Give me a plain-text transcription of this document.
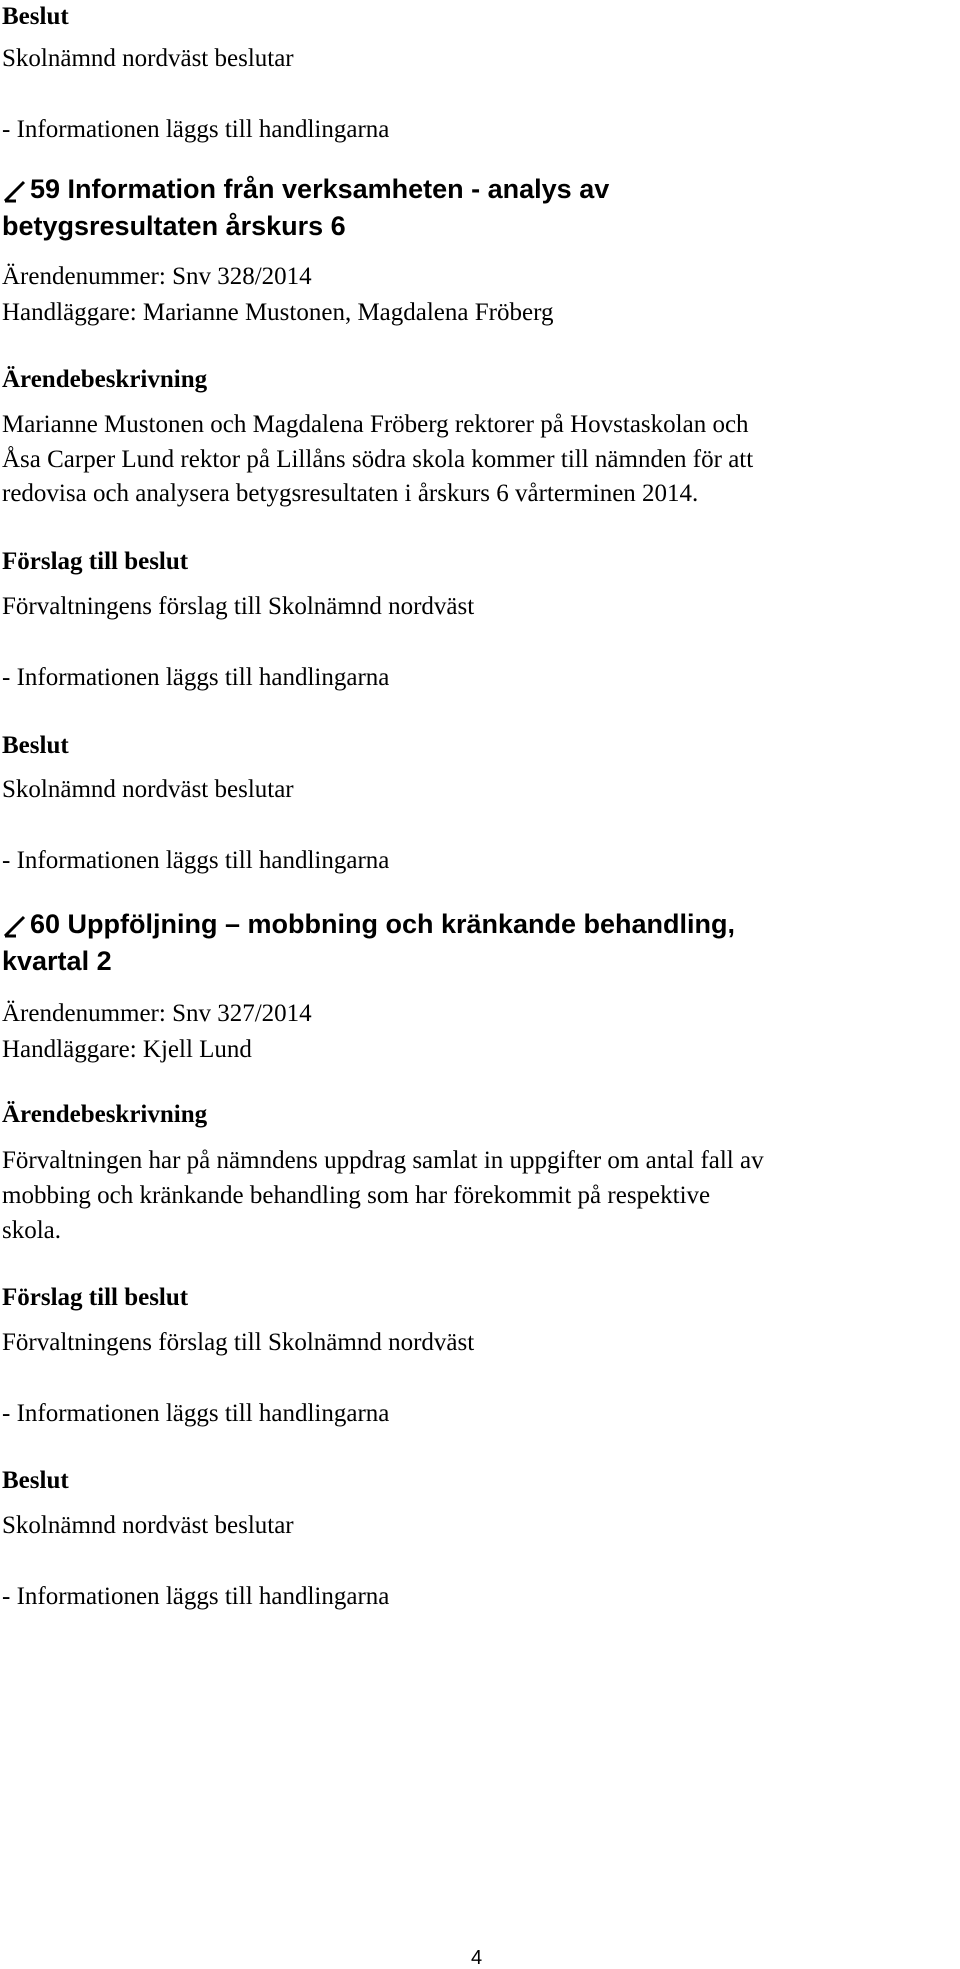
Beslut

Skolnämnd nordväst beslutar

- Informationen läggs till handlingarna

59 Information från verksamheten - analys av

betygsresultaten årskurs 6

Ärendenummer: Snv 328/2014

Handläggare: Marianne Mustonen, Magdalena Fröberg

Ärendebeskrivning

Marianne Mustonen och Magdalena Fröberg rektorer på Hovstaskolan och

Åsa Carper Lund rektor på Lillåns södra skola kommer till nämnden för att

redovisa och analysera betygsresultaten i årskurs 6 vårterminen 2014.

Förslag till beslut

Förvaltningens förslag till Skolnämnd nordväst

- Informationen läggs till handlingarna

Beslut

Skolnämnd nordväst beslutar

- Informationen läggs till handlingarna

60 Uppföljning – mobbning och kränkande behandling,

kvartal 2

Ärendenummer: Snv 327/2014

Handläggare: Kjell Lund

Ärendebeskrivning

Förvaltningen har på nämndens uppdrag samlat in uppgifter om antal fall av

mobbing och kränkande behandling som har förekommit på respektive

skola.

Förslag till beslut

Förvaltningens förslag till Skolnämnd nordväst

- Informationen läggs till handlingarna

Beslut

Skolnämnd nordväst beslutar

- Informationen läggs till handlingarna

4
